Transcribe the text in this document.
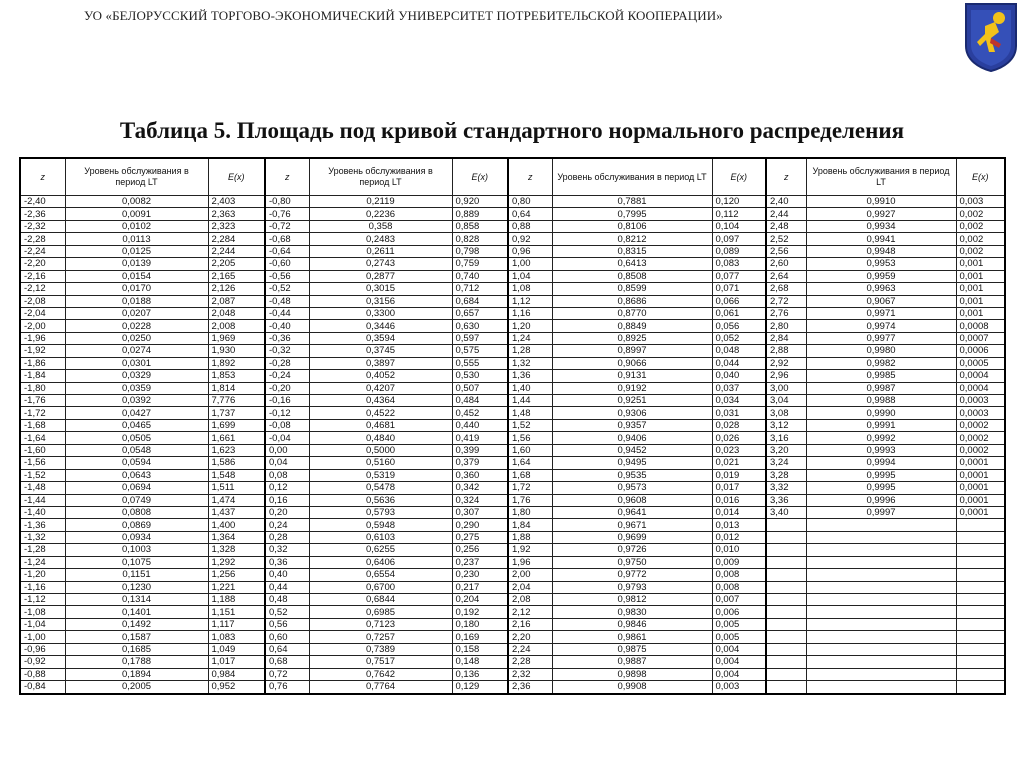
УО «БЕЛОРУССКИЙ ТОРГОВО-ЭКОНОМИЧЕСКИЙ УНИВЕРСИТЕТ ПОТРЕБИТЕЛЬСКОЙ КООПЕРАЦИИ»
Таблица 5. Площадь под кривой стандартного нормального распределения
z	Уровень обслуживания в период LT	E(x)	z	Уровень обслуживания в период LT	E(x)	z	Уровень обслуживания в период LT	E(x)	z	Уровень обслуживания в период LT	E(x)
-2,40	0,0082	2,403	-0,80	0,2119	0,920	0,80	0,7881	0,120	2,40	0,9910	0,003
-2,36	0,0091	2,363	-0,76	0,2236	0,889	0,64	0,7995	0,112	2,44	0,9927	0,002
-2,32	0,0102	2,323	-0,72	0,358	0,858	0,88	0,8106	0,104	2,48	0,9934	0,002
-2,28	0,0113	2,284	-0,68	0,2483	0,828	0,92	0,8212	0,097	2,52	0,9941	0,002
-2,24	0,0125	2,244	-0,64	0,2611	0,798	0,96	0,8315	0,089	2,56	0,9948	0,002
-2,20	0,0139	2,205	-0,60	0,2743	0,759	1,00	0,6413	0,083	2,60	0,9953	0,001
-2,16	0,0154	2,165	-0,56	0,2877	0,740	1,04	0,8508	0,077	2,64	0,9959	0,001
-2,12	0,0170	2,126	-0,52	0,3015	0,712	1,08	0,8599	0,071	2,68	0,9963	0,001
-2,08	0,0188	2,087	-0,48	0,3156	0,684	1,12	0,8686	0,066	2,72	0,9067	0,001
-2,04	0,0207	2,048	-0,44	0,3300	0,657	1,16	0,8770	0,061	2,76	0,9971	0,001
-2,00	0,0228	2,008	-0,40	0,3446	0,630	1,20	0,8849	0,056	2,80	0,9974	0,0008
-1,96	0,0250	1,969	-0,36	0,3594	0,597	1,24	0,8925	0,052	2,84	0,9977	0,0007
-1,92	0,0274	1,930	-0,32	0,3745	0,575	1,28	0,8997	0,048	2,88	0,9980	0,0006
-1,86	0,0301	1,892	-0,28	0,3897	0,555	1,32	0,9066	0,044	2,92	0,9982	0,0005
-1,84	0,0329	1,853	-0,24	0,4052	0,530	1,36	0,9131	0,040	2,96	0,9985	0,0004
-1,80	0,0359	1,814	-0,20	0,4207	0,507	1,40	0,9192	0,037	3,00	0,9987	0,0004
-1,76	0,0392	7,776	-0,16	0,4364	0,484	1,44	0,9251	0,034	3,04	0,9988	0,0003
-1,72	0,0427	1,737	-0,12	0,4522	0,452	1,48	0,9306	0,031	3,08	0,9990	0,0003
-1,68	0,0465	1,699	-0,08	0,4681	0,440	1,52	0,9357	0,028	3,12	0,9991	0,0002
-1,64	0,0505	1,661	-0,04	0,4840	0,419	1,56	0,9406	0,026	3,16	0,9992	0,0002
-1,60	0,0548	1,623	0,00	0,5000	0,399	1,60	0,9452	0,023	3,20	0,9993	0,0002
-1,56	0,0594	1,586	0,04	0,5160	0,379	1,64	0,9495	0,021	3,24	0,9994	0,0001
-1,52	0,0643	1,548	0,08	0,5319	0,360	1,68	0,9535	0,019	3,28	0,9995	0,0001
-1,48	0,0694	1,511	0,12	0,5478	0,342	1,72	0,9573	0,017	3,32	0,9995	0,0001
-1,44	0,0749	1,474	0,16	0,5636	0,324	1,76	0,9608	0,016	3,36	0,9996	0,0001
-1,40	0,0808	1,437	0,20	0,5793	0,307	1,80	0,9641	0,014	3,40	0,9997	0,0001
-1,36	0,0869	1,400	0,24	0,5948	0,290	1,84	0,9671	0,013			
-1,32	0,0934	1,364	0,28	0,6103	0,275	1,88	0,9699	0,012			
-1,28	0,1003	1,328	0,32	0,6255	0,256	1,92	0,9726	0,010			
-1,24	0,1075	1,292	0,36	0,6406	0,237	1,96	0,9750	0,009			
-1,20	0,1151	1,256	0,40	0,6554	0,230	2,00	0,9772	0,008			
-1,16	0,1230	1,221	0,44	0,6700	0,217	2,04	0,9793	0,008			
-1,12	0,1314	1,188	0,48	0,6844	0,204	2,08	0,9812	0,007			
-1,08	0,1401	1,151	0,52	0,6985	0,192	2,12	0,9830	0,006			
-1,04	0,1492	1,117	0,56	0,7123	0,180	2,16	0,9846	0,005			
-1,00	0,1587	1,083	0,60	0,7257	0,169	2,20	0,9861	0,005			
-0,96	0,1685	1,049	0,64	0,7389	0,158	2,24	0,9875	0,004			
-0,92	0,1788	1,017	0,68	0,7517	0,148	2,28	0,9887	0,004			
-0,88	0,1894	0,984	0,72	0,7642	0,136	2,32	0,9898	0,004			
-0,84	0,2005	0,952	0,76	0,7764	0,129	2,36	0,9908	0,003			
